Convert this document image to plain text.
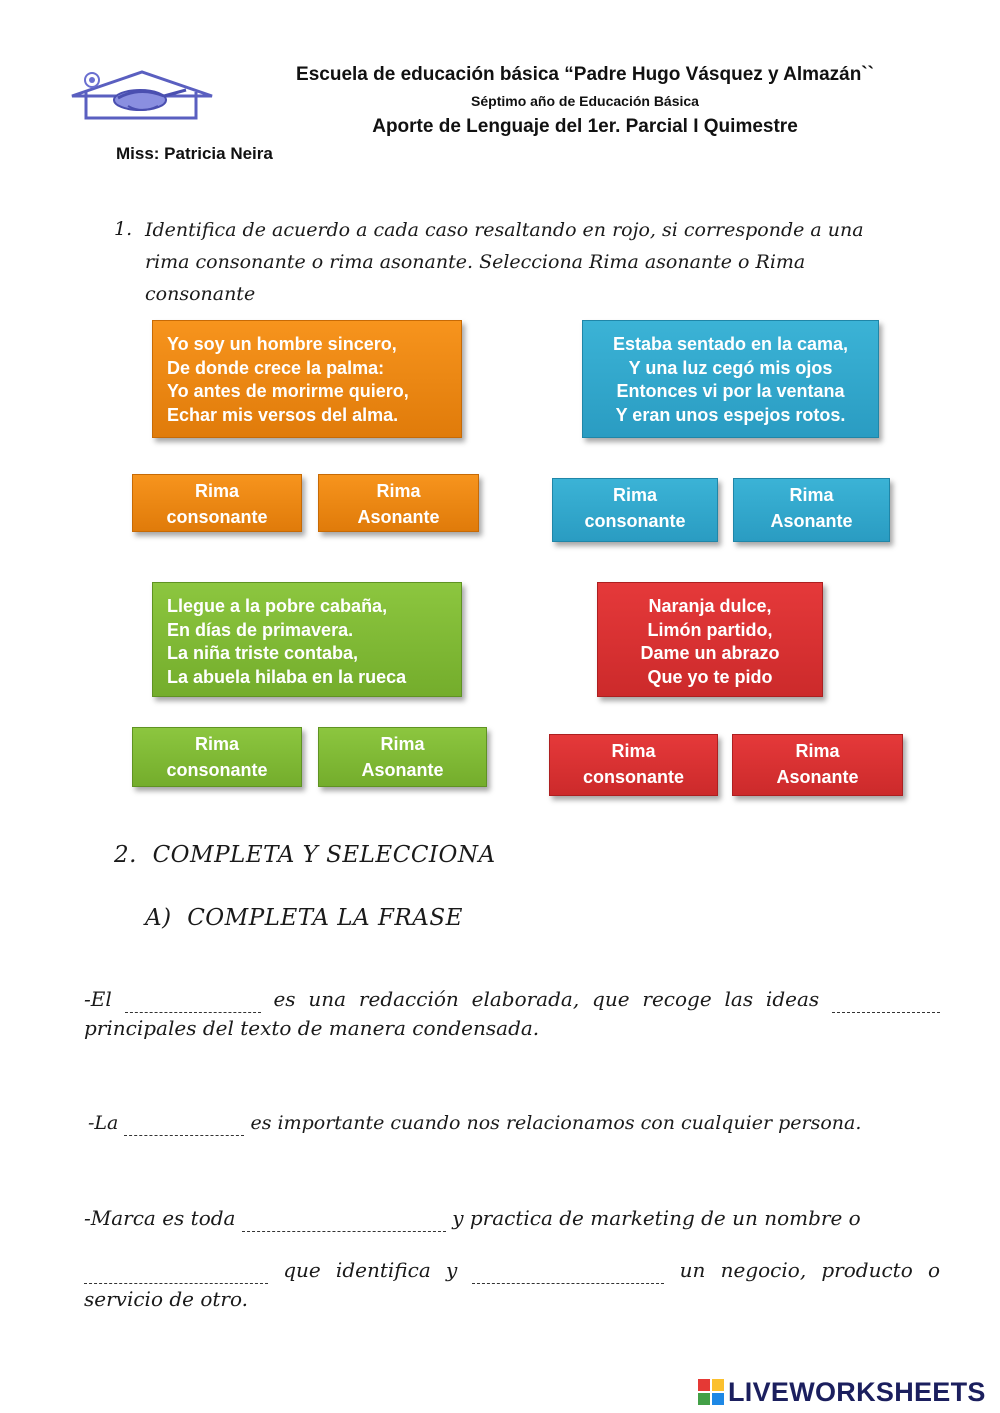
Escuela de educación básica “Padre Hugo Vásquez y Almazán``
Séptimo año de Educación Básica
Aporte de Lenguaje del 1er. Parcial I Quimestre
Miss: Patricia Neira
1. Identifica de acuerdo a cada caso resaltando en rojo, si corresponde a una
rima consonante o rima asonante. Selecciona Rima asonante o Rima
consonante
Yo soy un hombre sincero,
De donde crece la palma:
Yo antes de morirme quiero,
Echar mis versos del alma.
Estaba sentado en la cama,
Y una luz cegó mis ojos
Entonces vi por la ventana
Y eran unos espejos rotos.
Llegue a la pobre cabaña,
En días de primavera.
La niña triste contaba,
La abuela hilaba en la rueca
Naranja dulce,
Limón partido,
Dame un abrazo
Que yo te pido
Rima
consonante
Rima
Asonante
Rima
consonante
Rima
Asonante
Rima
consonante
Rima
Asonante
Rima
consonante
Rima
Asonante
2.  COMPLETA Y SELECCIONA
A)  COMPLETA LA FRASE
-El	es una redacción elaborada, que recoge las ideas
principales del texto de manera condensada.
-La	es importante cuando nos relacionamos con cualquier persona.
-Marca es toda	y practica de marketing de un nombre o
que identifica y	un negocio, producto o
servicio de otro.
LIVEWORKSHEETS
